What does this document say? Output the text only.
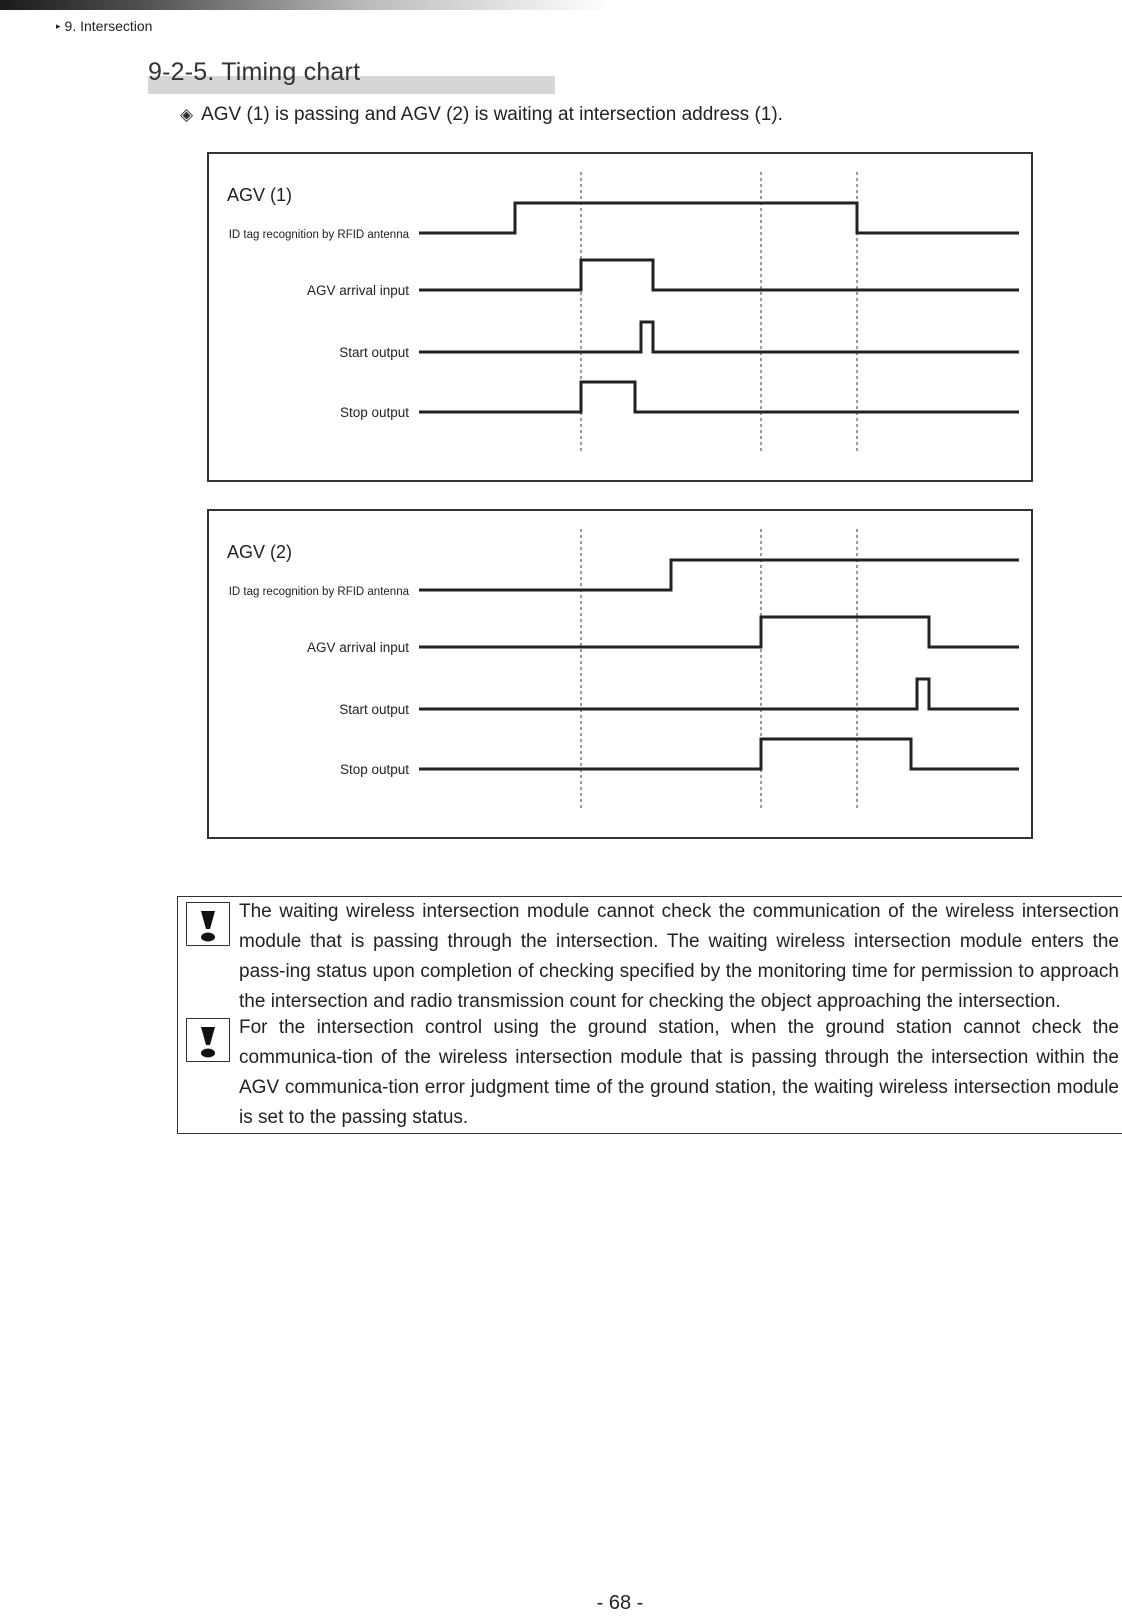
▸ 9. Intersection
9-2-5. Timing chart
◈ AGV (1) is passing and AGV (2) is waiting at intersection address (1).
AGV (1)
ID tag recognition by RFID antenna
AGV arrival input
Start output
Stop output
AGV (2)
ID tag recognition by RFID antenna
AGV arrival input
Start output
Stop output
The waiting wireless intersection module cannot check the communication of the wireless intersection module that is passing through the intersection. The waiting wireless intersection module enters the pass-ing status upon completion of checking specified by the monitoring time for permission to approach the intersection and radio transmission count for checking the object approaching the intersection.
For the intersection control using the ground station, when the ground station cannot check the communica-tion of the wireless intersection module that is passing through the intersection within the AGV communica-tion error judgment time of the ground station, the waiting wireless intersection module is set to the passing status.
- 68 -
